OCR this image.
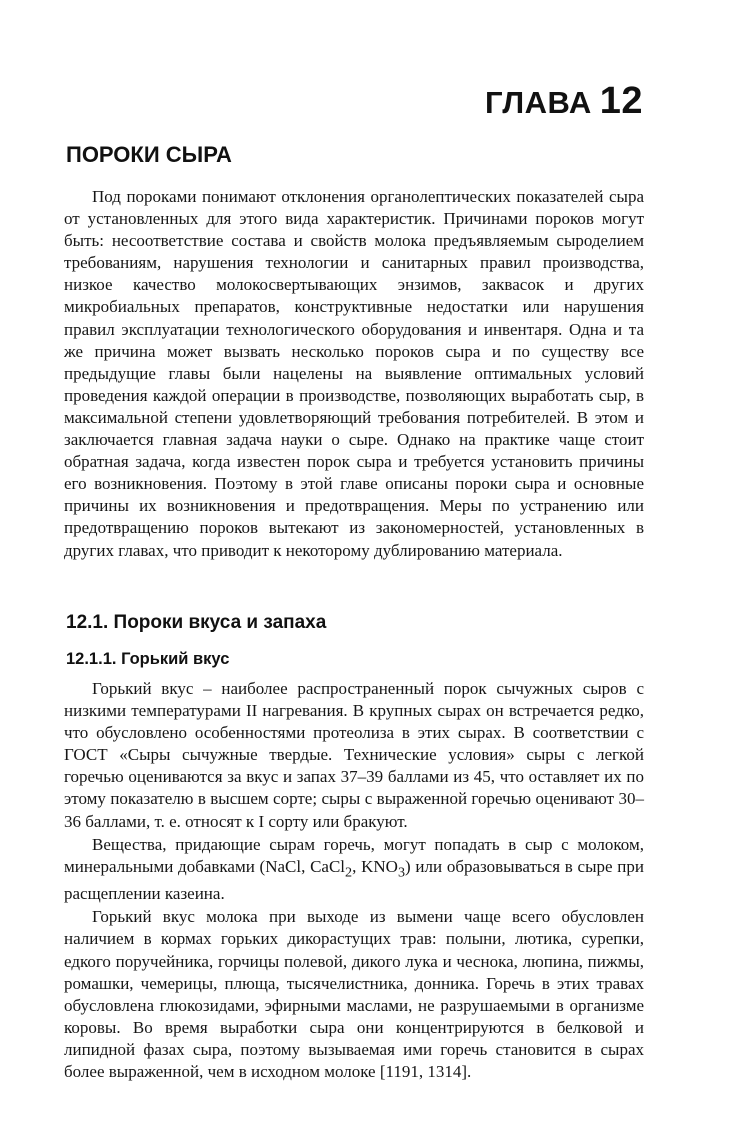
ГЛАВА 12
ПОРОКИ СЫРА

Под пороками понимают отклонения органолептических показателей сыра от установленных для этого вида характеристик. Причинами пороков могут быть: несоответствие состава и свойств молока предъявляемым сыроделием требованиям, нарушения технологии и санитарных правил производства, низкое качество молокосвертывающих энзимов, заквасок и других микробиальных препаратов, конструктивные недостатки или нарушения правил эксплуатации технологического оборудования и инвентаря. Одна и та же причина может вызвать несколько пороков сыра и по существу все предыдущие главы были нацелены на выявление оптимальных условий проведения каждой операции в производстве, позволяющих выработать сыр, в максимальной степени удовлетворяющий требования потребителей. В этом и заключается главная задача науки о сыре. Однако на практике чаще стоит обратная задача, когда известен порок сыра и требуется установить причины его возникновения. Поэтому в этой главе описаны пороки сыра и основные причины их возникновения и предотвращения. Меры по устранению или предотвращению пороков вытекают из закономерностей, установленных в других главах, что приводит к некоторому дублированию материала.

12.1. Пороки вкуса и запаха
12.1.1. Горький вкус

Горький вкус – наиболее распространенный порок сычужных сыров с низкими температурами II нагревания. В крупных сырах он встречается редко, что обусловлено особенностями протеолиза в этих сырах. В соответствии с ГОСТ «Сыры сычужные твердые. Технические условия» сыры с легкой горечью оцениваются за вкус и запах 37–39 баллами из 45, что оставляет их по этому показателю в высшем сорте; сыры с выраженной горечью оценивают 30–36 баллами, т. е. относят к I сорту или бракуют.

Вещества, придающие сырам горечь, могут попадать в сыр с молоком, минеральными добавками (NaCl, CaCl$_2$, $KNO_3$) или образовываться в сыре при расщеплении казеина.

Горький вкус молока при выходе из вымени чаще всего обусловлен наличием в кормах горьких дикорастущих трав: полыни, лютика, сурепки, едкого поручейника, горчицы полевой, дикого лука и чеснока, люпина, пижмы, ромашки, чемерицы, плюща, тысячелистника, донника. Горечь в этих травах обусловлена глюкозидами, эфирными маслами, не разрушаемыми в организме коровы. Во время выработки сыра они концентрируются в белковой и липидной фазах сыра, поэтому вызываемая ими горечь становится в сырах более выраженной, чем в исходном молоке [1191, 1314].
